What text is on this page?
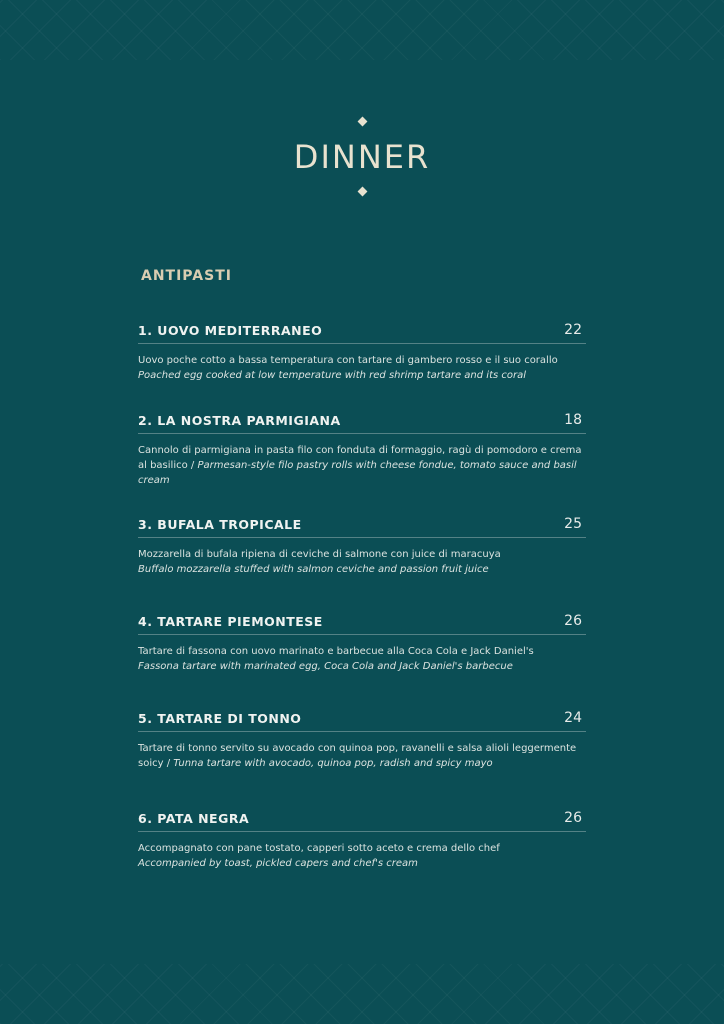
DINNER
ANTIPASTI
1. UOVO MEDITERRANEO	22
Uovo poche cotto a bassa temperatura con tartare di gambero rosso e il suo corallo
Poached egg cooked at low temperature with red shrimp tartare and its coral
2. LA NOSTRA PARMIGIANA	18
Cannolo di parmigiana in pasta filo con fonduta di formaggio, ragù di pomodoro e crema al basilico / Parmesan-style filo pastry rolls with cheese fondue, tomato sauce and basil cream
3. BUFALA TROPICALE	25
Mozzarella di bufala ripiena di ceviche di salmone con juice di maracuya
Buffalo mozzarella stuffed with salmon ceviche and passion fruit juice
4. TARTARE PIEMONTESE	26
Tartare di fassona con uovo marinato e barbecue alla Coca Cola e Jack Daniel's
Fassona tartare with marinated egg, Coca Cola and Jack Daniel's barbecue
5. TARTARE DI TONNO	24
Tartare di tonno servito su avocado con quinoa pop, ravanelli e salsa alioli leggermente soicy / Tunna tartare with avocado, quinoa pop, radish and spicy mayo
6. PATA NEGRA	26
Accompagnato con pane tostato, capperi sotto aceto e crema dello chef
Accompanied by toast, pickled capers and chef's cream
